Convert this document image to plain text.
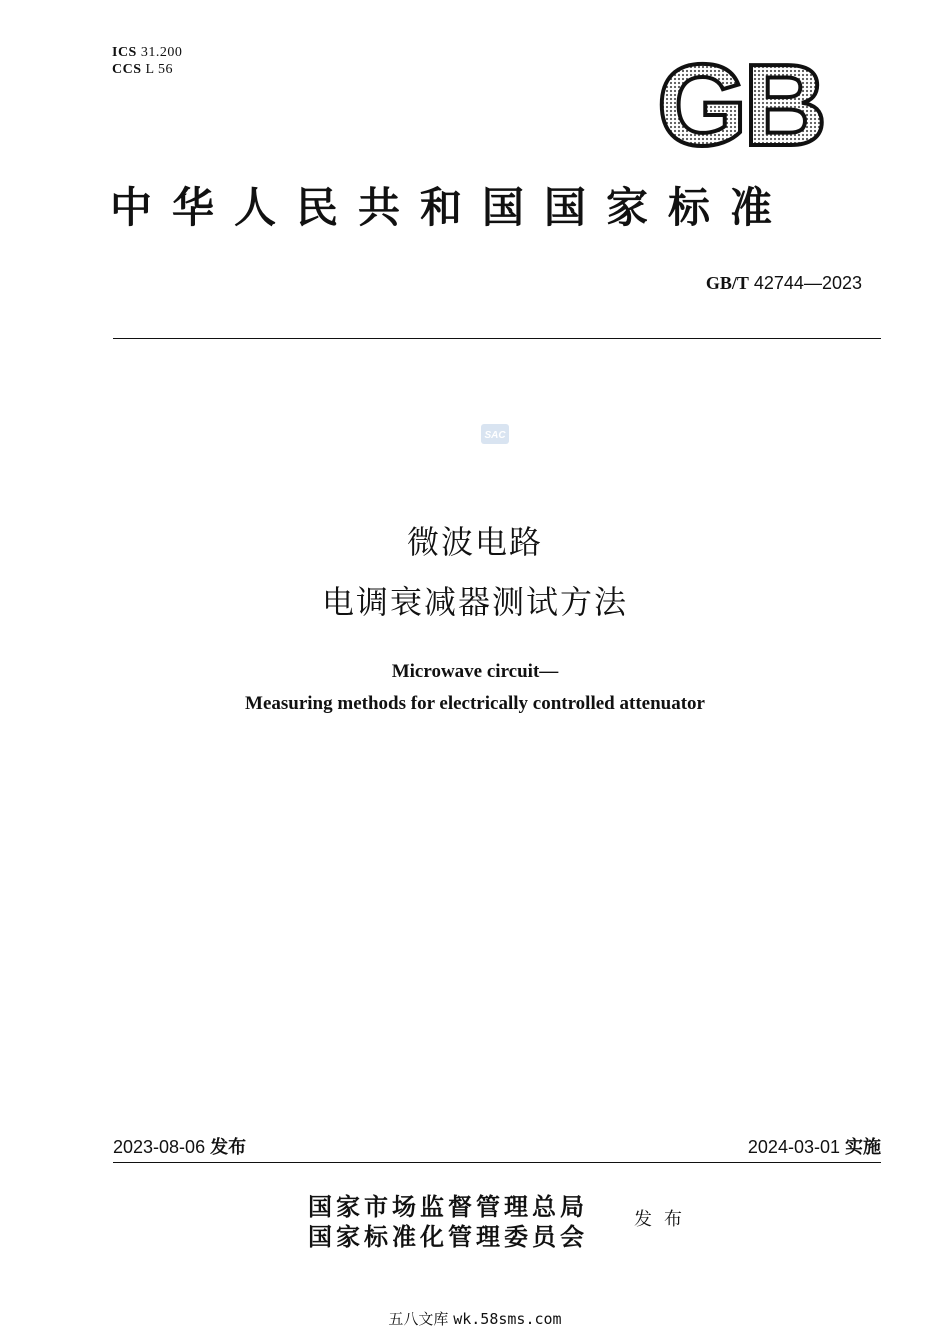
ICS 31.200
CCS L 56	GB
中华人民共和国国家标准
GB/T 42744—2023
SAC
微波电路
电调衰减器测试方法
Microwave circuit—
Measuring methods for electrically controlled attenuator
2023-08-06 发布	2024-03-01 实施
国家市场监督管理总局
国家标准化管理委员会
发布
五八文库 wk.58sms.com
